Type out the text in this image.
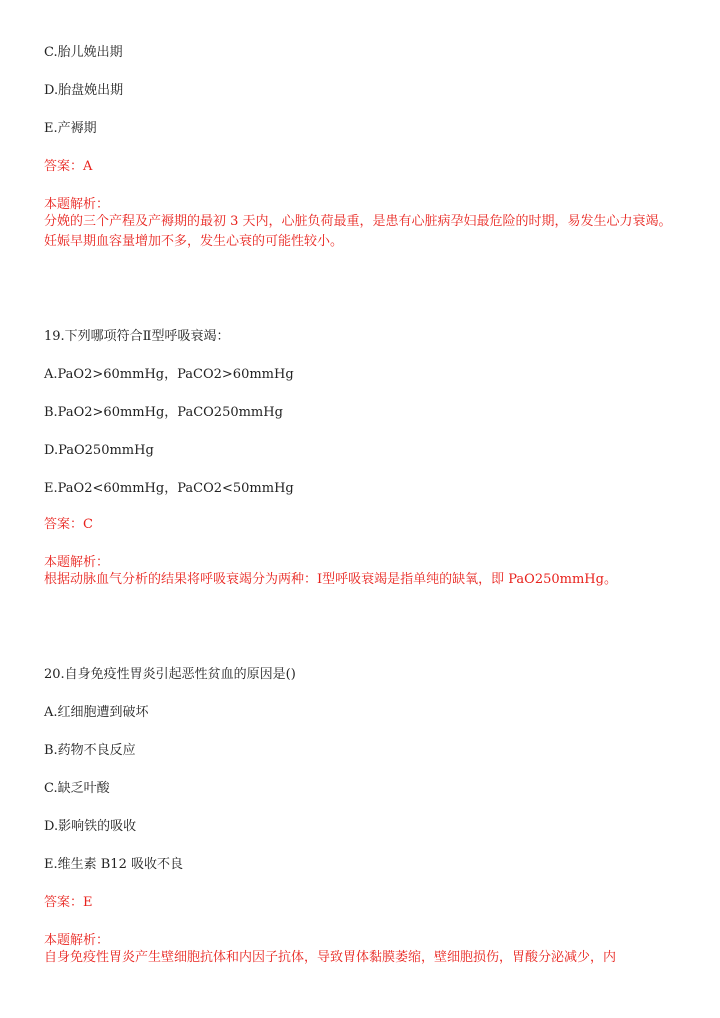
C.胎儿娩出期
D.胎盘娩出期
E.产褥期
答案：A
本题解析：
分娩的三个产程及产褥期的最初 3 天内，心脏负荷最重，是患有心脏病孕妇最危险的时期，易发生心力衰竭。妊娠早期血容量增加不多，发生心衰的可能性较小。
19.下列哪项符合Ⅱ型呼吸衰竭：
A.PaO2>60mmHg，PaCO2>60mmHg
B.PaO2>60mmHg，PaCO250mmHg
D.PaO250mmHg
E.PaO2<60mmHg，PaCO2<50mmHg
答案：C
本题解析：
根据动脉血气分析的结果将呼吸衰竭分为两种：Ⅰ型呼吸衰竭是指单纯的缺氧，即 PaO250mmHg。
20.自身免疫性胃炎引起恶性贫血的原因是()
A.红细胞遭到破坏
B.药物不良反应
C.缺乏叶酸
D.影响铁的吸收
E.维生素 B12 吸收不良
答案：E
本题解析：
自身免疫性胃炎产生壁细胞抗体和内因子抗体，导致胃体黏膜萎缩，壁细胞损伤，胃酸分泌减少，内
